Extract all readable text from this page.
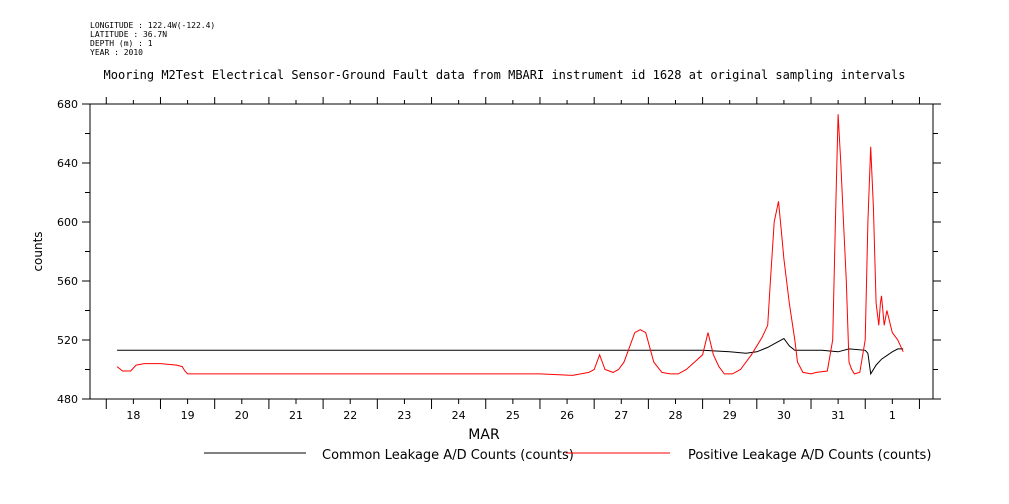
LONGITUDE : 122.4W(-122.4)
LATITUDE : 36.7N
DEPTH (m) : 1
YEAR : 2010
Mooring M2Test Electrical Sensor-Ground Fault data from MBARI instrument id 1628 at original sampling intervals
480
520
560
600
640
680
18	19	20	21	22	23	24	25	26	27	28	29	30	31	1
MAR
counts
Common Leakage A/D Counts (counts)	Positive Leakage A/D Counts (counts)
